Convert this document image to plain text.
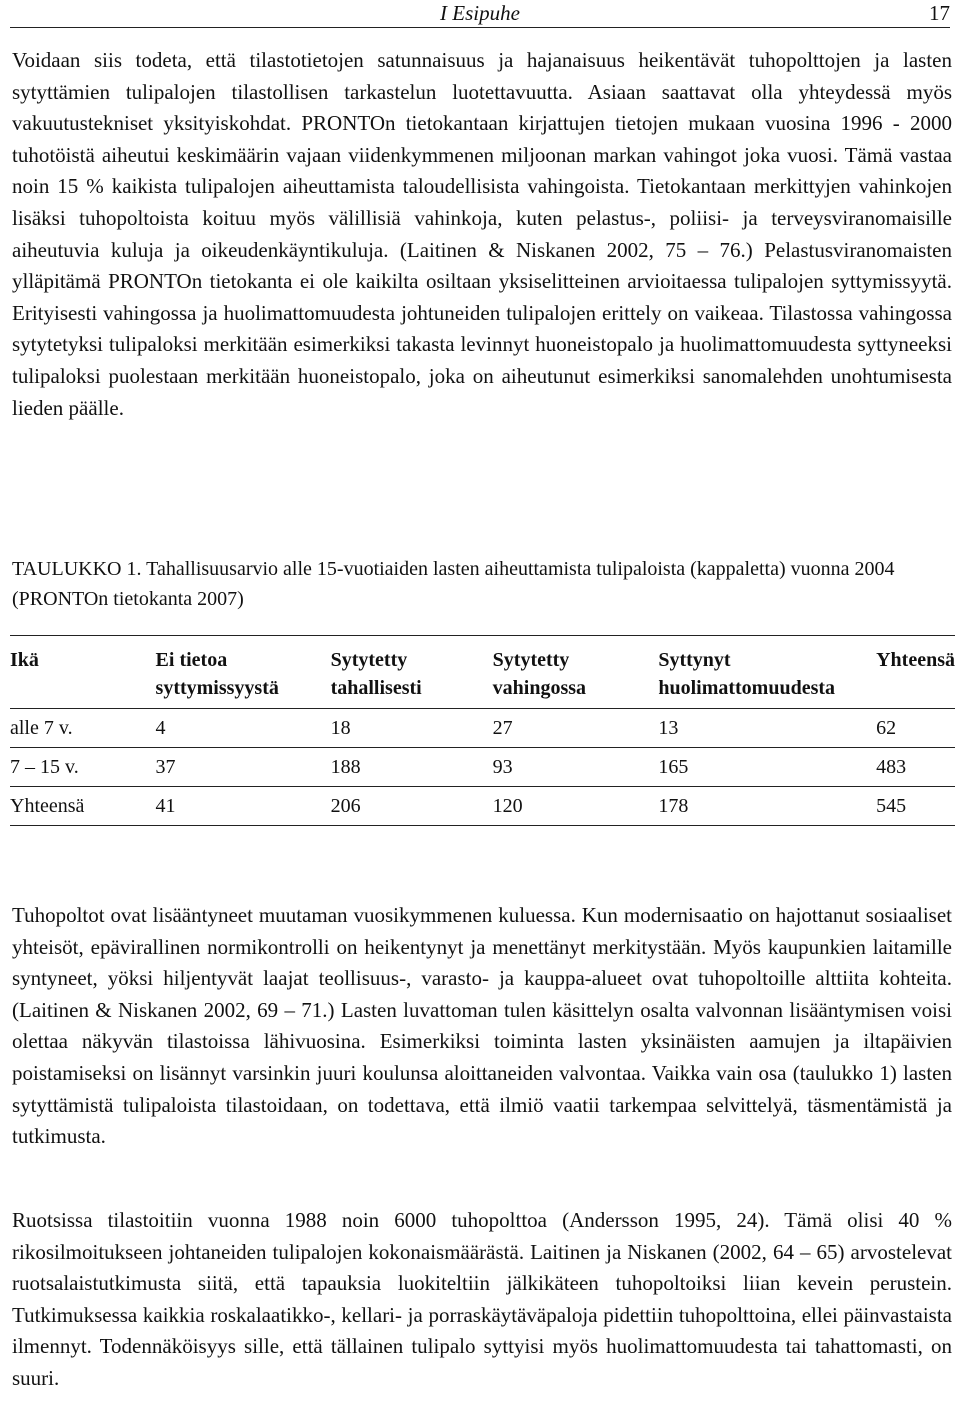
I Esipuhe	17

Voidaan siis todeta, että tilastotietojen satunnaisuus ja hajanaisuus heikentävät tuhopolttojen ja lasten sytyttämien tulipalojen tilastollisen tarkastelun luotettavuutta. Asiaan saattavat olla yhteydessä myös vakuutustekniset yksityiskohdat. PRONTOn tietokantaan kirjattujen tietojen mukaan vuosina 1996 - 2000 tuhotöistä aiheutui keskimäärin vajaan viidenkymmenen miljoonan markan vahingot joka vuosi. Tämä vastaa noin 15 % kaikista tulipalojen aiheuttamista taloudellisista vahingoista. Tietokantaan merkittyjen vahinkojen lisäksi tuhopoltoista koituu myös välillisiä vahinkoja, kuten pelastus-, poliisi- ja terveysviranomaisille aiheutuvia kuluja ja oikeudenkäyntikuluja. (Laitinen & Niskanen 2002, 75 – 76.) Pelastusviranomaisten ylläpitämä PRONTOn tietokanta ei ole kaikilta osiltaan yksiselitteinen arvioitaessa tulipalojen syttymissyytä. Erityisesti vahingossa ja huolimattomuudesta johtuneiden tulipalojen erittely on vaikeaa. Tilastossa vahingossa sytytetyksi tulipaloksi merkitään esimerkiksi takasta levinnyt huoneistopalo ja huolimattomuudesta syttyneeksi tulipaloksi puolestaan merkitään huoneistopalo, joka on aiheutunut esimerkiksi sanomalehden unohtumisesta lieden päälle.

TAULUKKO 1. Tahallisuusarvio alle 15-vuotiaiden lasten aiheuttamista tulipaloista (kappaletta) vuonna 2004 (PRONTOn tietokanta 2007)
Ikä	Ei tietoa syttymissyystä	Sytytetty tahallisesti	Sytytetty vahingossa	Syttynyt huolimattomuudesta	Yhteensä
alle 7 v.	4	18	27	13	62
7 – 15 v.	37	188	93	165	483
Yhteensä	41	206	120	178	545

Tuhopoltot ovat lisääntyneet muutaman vuosikymmenen kuluessa. Kun modernisaatio on hajottanut sosiaaliset yhteisöt, epävirallinen normikontrolli on heikentynyt ja menettänyt merkitystään. Myös kaupunkien laitamille syntyneet, yöksi hiljentyvät laajat teollisuus-, varasto- ja kauppa-alueet ovat tuhopoltoille alttiita kohteita. (Laitinen & Niskanen 2002, 69 – 71.) Lasten luvattoman tulen käsittelyn osalta valvonnan lisääntymisen voisi olettaa näkyvän tilastoissa lähivuosina. Esimerkiksi toiminta lasten yksinäisten aamujen ja iltapäivien poistamiseksi on lisännyt varsinkin juuri koulunsa aloittaneiden valvontaa. Vaikka vain osa (taulukko 1) lasten sytyttämistä tulipaloista tilastoidaan, on todettava, että ilmiö vaatii tarkempaa selvittelyä, täsmentämistä ja tutkimusta.

Ruotsissa tilastoitiin vuonna 1988 noin 6000 tuhopolttoa (Andersson 1995, 24). Tämä olisi 40 % rikosilmoitukseen johtaneiden tulipalojen kokonaismäärästä. Laitinen ja Niskanen (2002, 64 – 65) arvostelevat ruotsalaistutkimusta siitä, että tapauksia luokiteltiin jälkikäteen tuhopoltoiksi liian kevein perustein. Tutkimuksessa kaikkia roskalaatikko-, kellari- ja porraskäytäväpaloja pidettiin tuhopolttoina, ellei päinvastaista ilmennyt. Todennäköisyys sille, että tällainen tulipalo syttyisi myös huolimattomuudesta tai tahattomasti, on suuri.
